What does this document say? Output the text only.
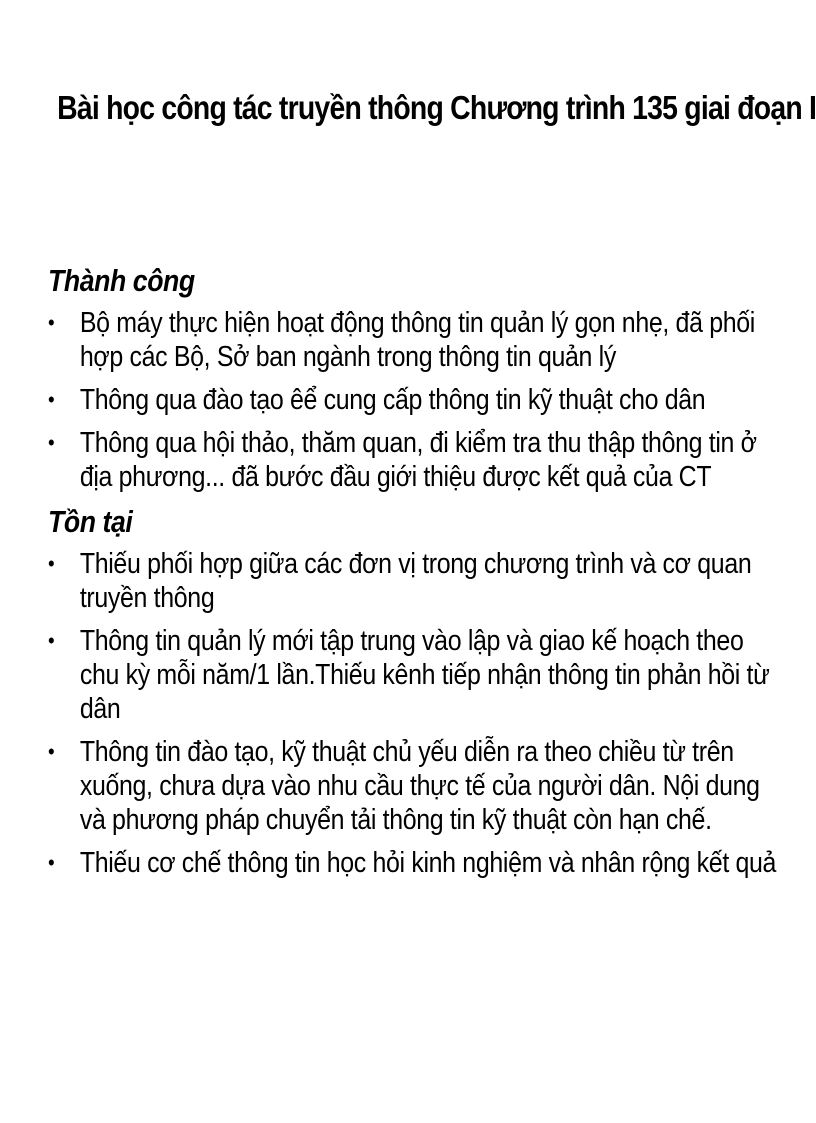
Bài học công tác truyền thông Chương trình 135 giai đoạn I
Thành công
• Bộ máy thực hiện hoạt động thông tin quản lý gọn nhẹ, đã phối hợp các Bộ, Sở ban ngành trong thông tin quản lý
• Thông qua đào tạo êể cung cấp thông tin kỹ thuật cho dân
• Thông qua hội thảo, thăm quan, đi kiểm tra thu thập thông tin ở địa phương... đã bước đầu giới thiệu được kết quả của CT
Tồn tại
• Thiếu phối hợp giữa các đơn vị trong chương trình và cơ quan truyền thông
• Thông tin quản lý mới tập trung vào lập và giao kế hoạch theo chu kỳ mỗi năm/1 lần.Thiếu kênh tiếp nhận thông tin phản hồi từ dân
• Thông tin đào tạo, kỹ thuật chủ yếu diễn ra theo chiều từ trên xuống, chưa dựa vào nhu cầu thực tế của người dân. Nội dung và phương pháp chuyển tải thông tin kỹ thuật còn hạn chế.
• Thiếu cơ chế thông tin học hỏi kinh nghiệm và nhân rộng kết quả
